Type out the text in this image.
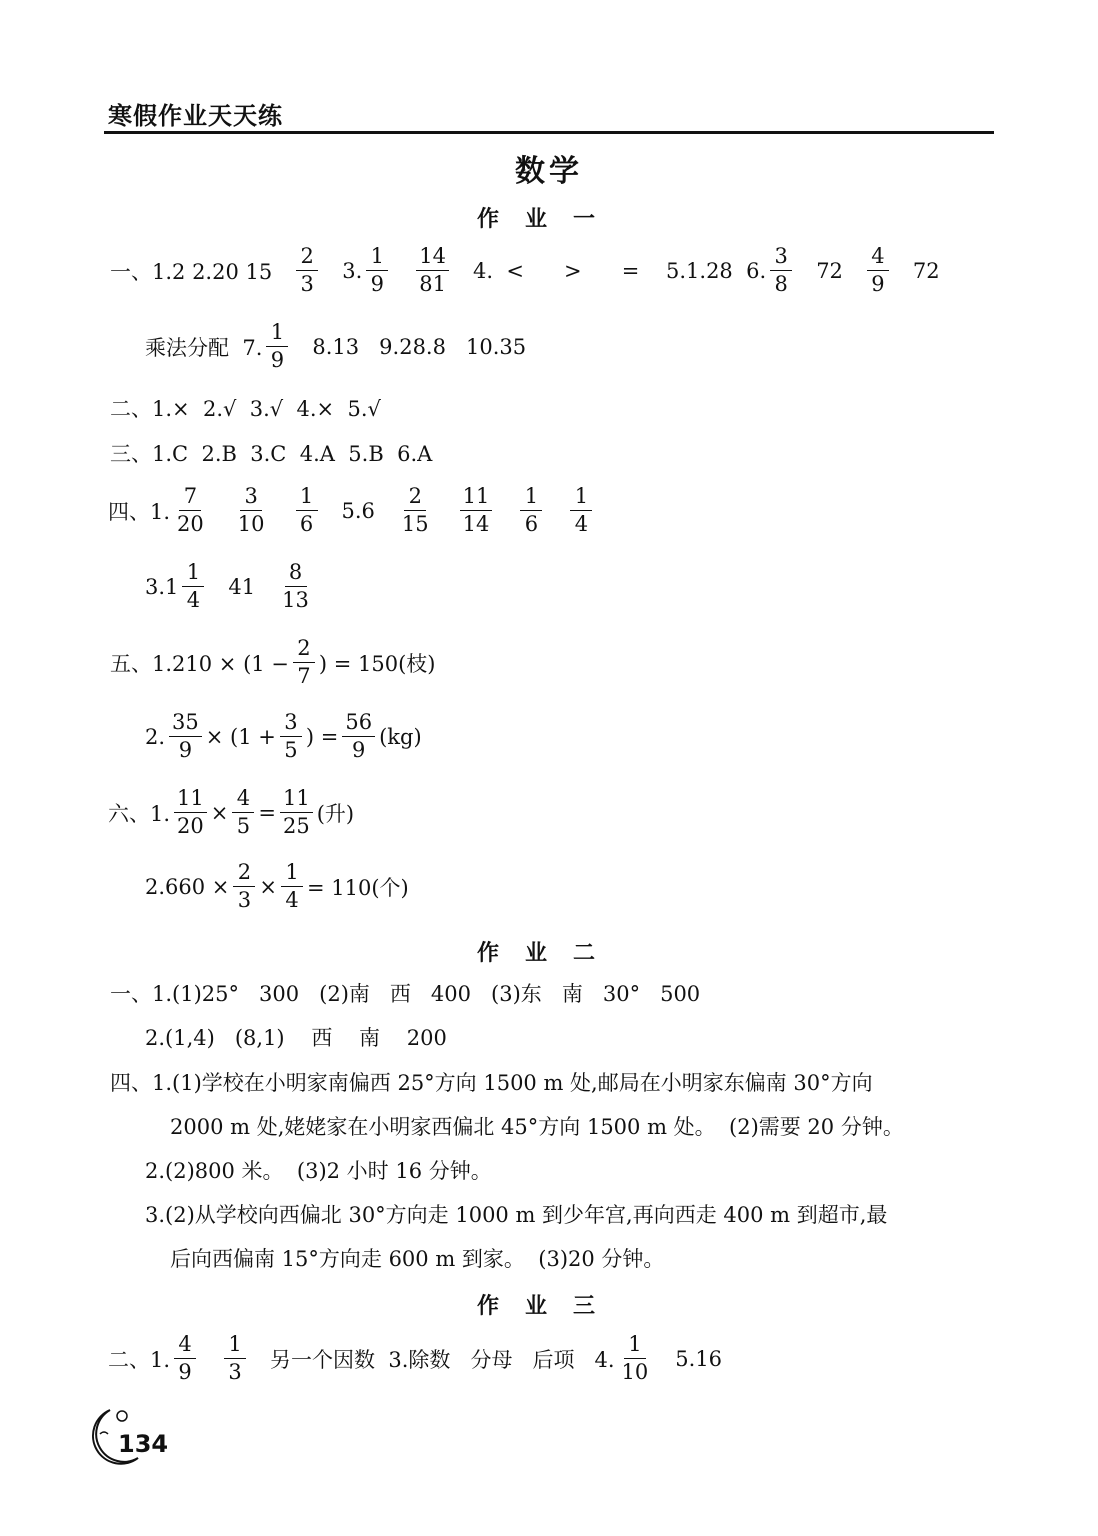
寒假作业天天练
数学
作业一
一、1.2 2.20 $15 \frac{2}{3} 3$. $\frac{1}{9} \frac{14}{81} 4$.  <      >      =    5.1.28  6. $\frac{3}{8} 72 \frac{4}{9} 72$
乘法分配  7. $\frac{1}{9} 8.13$   9.28.8   10.35
二、1.×  2.√  3.√  4.×  5.√
三、1.C  2.B  3.C  4.A  5.B  6.A
四、1. $\frac{7}{20} \frac{3}{10} \frac{1}{6} 5.6 \frac{2}{15} \frac{11}{14} \frac{1}{6} \frac{1}{4}$
$3.1 \frac{1}{4} 41 \frac{8}{13}$
五、$1.210 \times (1 - \frac{2}{7}$ ) = 150(枝)
2. $\frac{35}{9} \times (1 + \frac{3}{5}$ ) = $\frac{56}{9} (kg)$
六、1. $\frac{11}{20} \times \frac{4}{5} = \frac{11}{25}$ (升)
$2.660 \times \frac{2}{3} \times \frac{1}{4} = 110$(个)
作业二
一、1.(1)25°   300   (2)南   西   400   (3)东   南   30°   500
2.(1,4)   (8,1)    西    南    200
四、1.(1)学校在小明家南偏西 25°方向 1500 m 处,邮局在小明家东偏南 30°方向
2000 m 处,姥姥家在小明家西偏北 45°方向 1500 m 处。  (2)需要 20 分钟。
2.(2)800 米。  (3)2 小时 16 分钟。
3.(2)从学校向西偏北 30°方向走 1000 m 到少年宫,再向西走 400 m 到超市,最
后向西偏南 15°方向走 600 m 到家。  (3)20 分钟。
作业三
二、1. $\frac{4}{9} \frac{1}{3}$ 另一个因数  3.除数   分母   后项   4. $\frac{1}{10} 5.16$
134
